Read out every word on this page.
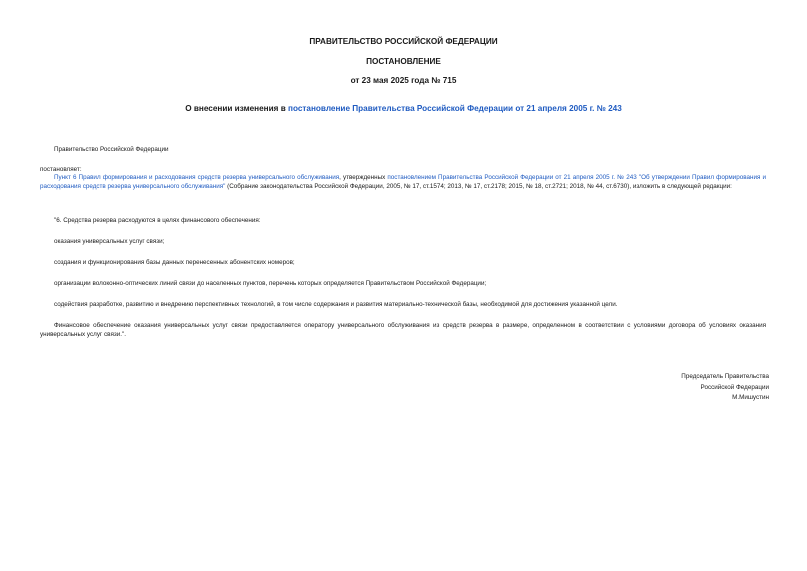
ПРАВИТЕЛЬСТВО РОССИЙСКОЙ ФЕДЕРАЦИИ
ПОСТАНОВЛЕНИЕ
от 23 мая 2025 года № 715
О внесении изменения в постановление Правительства Российской Федерации от 21 апреля 2005 г. № 243
Правительство Российской Федерации
постановляет:
Пункт 6 Правил формирования и расходования средств резерва универсального обслуживания, утвержденных постановлением Правительства Российской Федерации от 21 апреля 2005 г. № 243 "Об утверждении Правил формирования и расходования средств резерва универсального обслуживания" (Собрание законодательства Российской Федерации, 2005, № 17, ст.1574; 2013, № 17, ст.2178; 2015, № 18, ст.2721; 2018, № 44, ст.6730), изложить в следующей редакции:
"6. Средства резерва расходуются в целях финансового обеспечения:
оказания универсальных услуг связи;
создания и функционирования базы данных перенесенных абонентских номеров;
организации волоконно-оптических линий связи до населенных пунктов, перечень которых определяется Правительством Российской Федерации;
содействия разработке, развитию и внедрению перспективных технологий, в том числе содержания и развития материально-технической базы, необходимой для достижения указанной цели.
Финансовое обеспечение оказания универсальных услуг связи предоставляется оператору универсального обслуживания из средств резерва в размере, определенном в соответствии с условиями договора об условиях оказания универсальных услуг связи.".
Председатель Правительства
Российской Федерации
М.Мишустин
